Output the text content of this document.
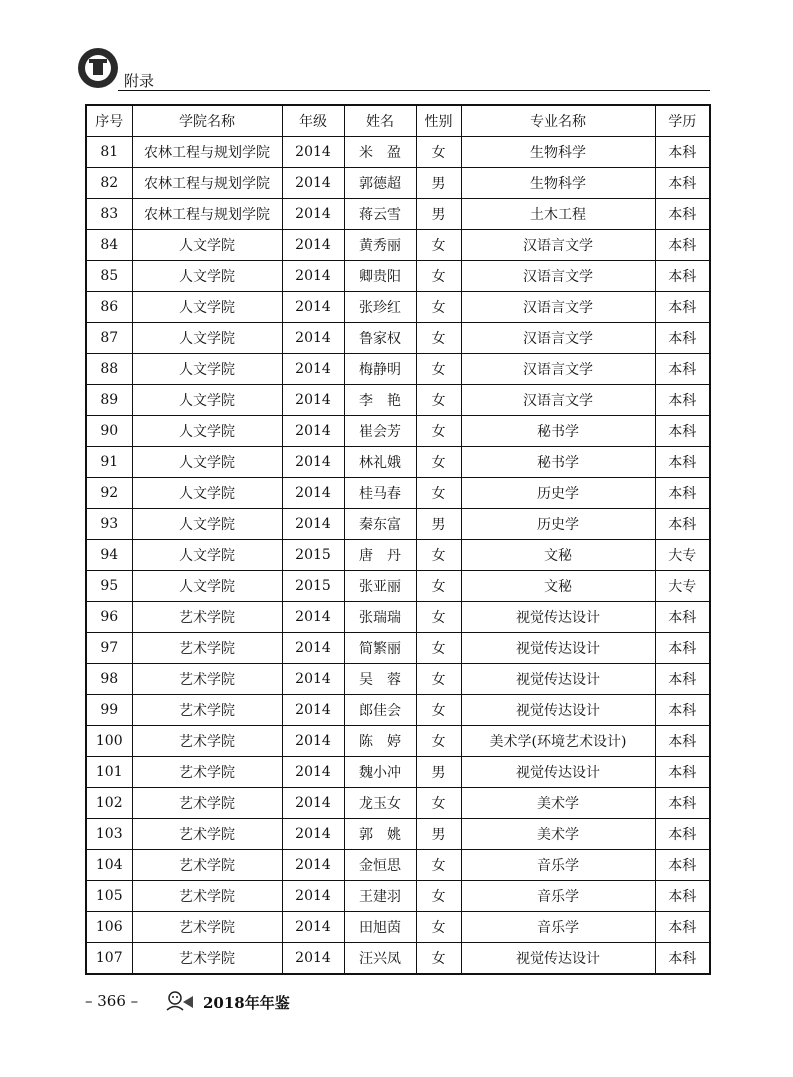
附录
序号	学院名称	年级	姓名	性别	专业名称	学历
81	农林工程与规划学院	2014	米　盈	女	生物科学	本科
82	农林工程与规划学院	2014	郭德超	男	生物科学	本科
83	农林工程与规划学院	2014	蒋云雪	男	土木工程	本科
84	人文学院	2014	黄秀丽	女	汉语言文学	本科
85	人文学院	2014	卿贵阳	女	汉语言文学	本科
86	人文学院	2014	张珍红	女	汉语言文学	本科
87	人文学院	2014	鲁家权	女	汉语言文学	本科
88	人文学院	2014	梅静明	女	汉语言文学	本科
89	人文学院	2014	李　艳	女	汉语言文学	本科
90	人文学院	2014	崔会芳	女	秘书学	本科
91	人文学院	2014	林礼娥	女	秘书学	本科
92	人文学院	2014	桂马春	女	历史学	本科
93	人文学院	2014	秦东富	男	历史学	本科
94	人文学院	2015	唐　丹	女	文秘	大专
95	人文学院	2015	张亚丽	女	文秘	大专
96	艺术学院	2014	张瑞瑞	女	视觉传达设计	本科
97	艺术学院	2014	简繁丽	女	视觉传达设计	本科
98	艺术学院	2014	吴　蓉	女	视觉传达设计	本科
99	艺术学院	2014	郎佳会	女	视觉传达设计	本科
100	艺术学院	2014	陈　婷	女	美术学(环境艺术设计)	本科
101	艺术学院	2014	魏小冲	男	视觉传达设计	本科
102	艺术学院	2014	龙玉女	女	美术学	本科
103	艺术学院	2014	郭　姚	男	美术学	本科
104	艺术学院	2014	金恒思	女	音乐学	本科
105	艺术学院	2014	王建羽	女	音乐学	本科
106	艺术学院	2014	田旭茵	女	音乐学	本科
107	艺术学院	2014	汪兴凤	女	视觉传达设计	本科
– 366 –	2018年年鉴
